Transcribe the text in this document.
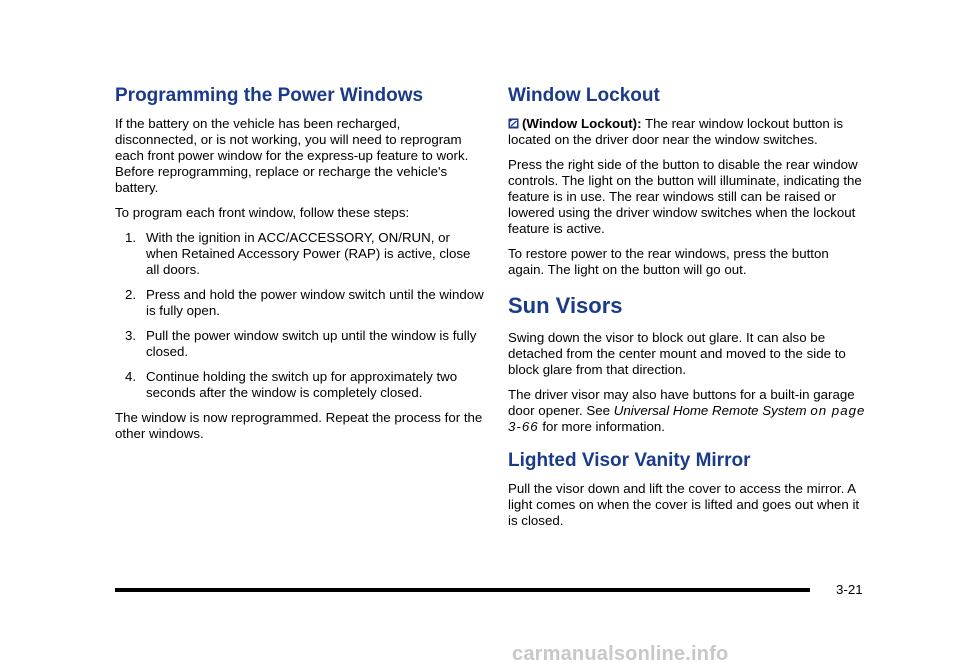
Programming the Power Windows

If the battery on the vehicle has been recharged, disconnected, or is not working, you will need to reprogram each front power window for the express-up feature to work. Before reprogramming, replace or recharge the vehicle's battery.

To program each front window, follow these steps:

1. With the ignition in ACC/ACCESSORY, ON/RUN, or when Retained Accessory Power (RAP) is active, close all doors.
2. Press and hold the power window switch until the window is fully open.
3. Pull the power window switch up until the window is fully closed.
4. Continue holding the switch up for approximately two seconds after the window is completely closed.

The window is now reprogrammed. Repeat the process for the other windows.

Window Lockout

(Window Lockout): The rear window lockout button is located on the driver door near the window switches.

Press the right side of the button to disable the rear window controls. The light on the button will illuminate, indicating the feature is in use. The rear windows still can be raised or lowered using the driver window switches when the lockout feature is active.

To restore power to the rear windows, press the button again. The light on the button will go out.

Sun Visors

Swing down the visor to block out glare. It can also be detached from the center mount and moved to the side to block glare from that direction.

The driver visor may also have buttons for a built-in garage door opener. See Universal Home Remote System on page 3-66 for more information.

Lighted Visor Vanity Mirror

Pull the visor down and lift the cover to access the mirror. A light comes on when the cover is lifted and goes out when it is closed.

3-21
carmanualsonline.info
